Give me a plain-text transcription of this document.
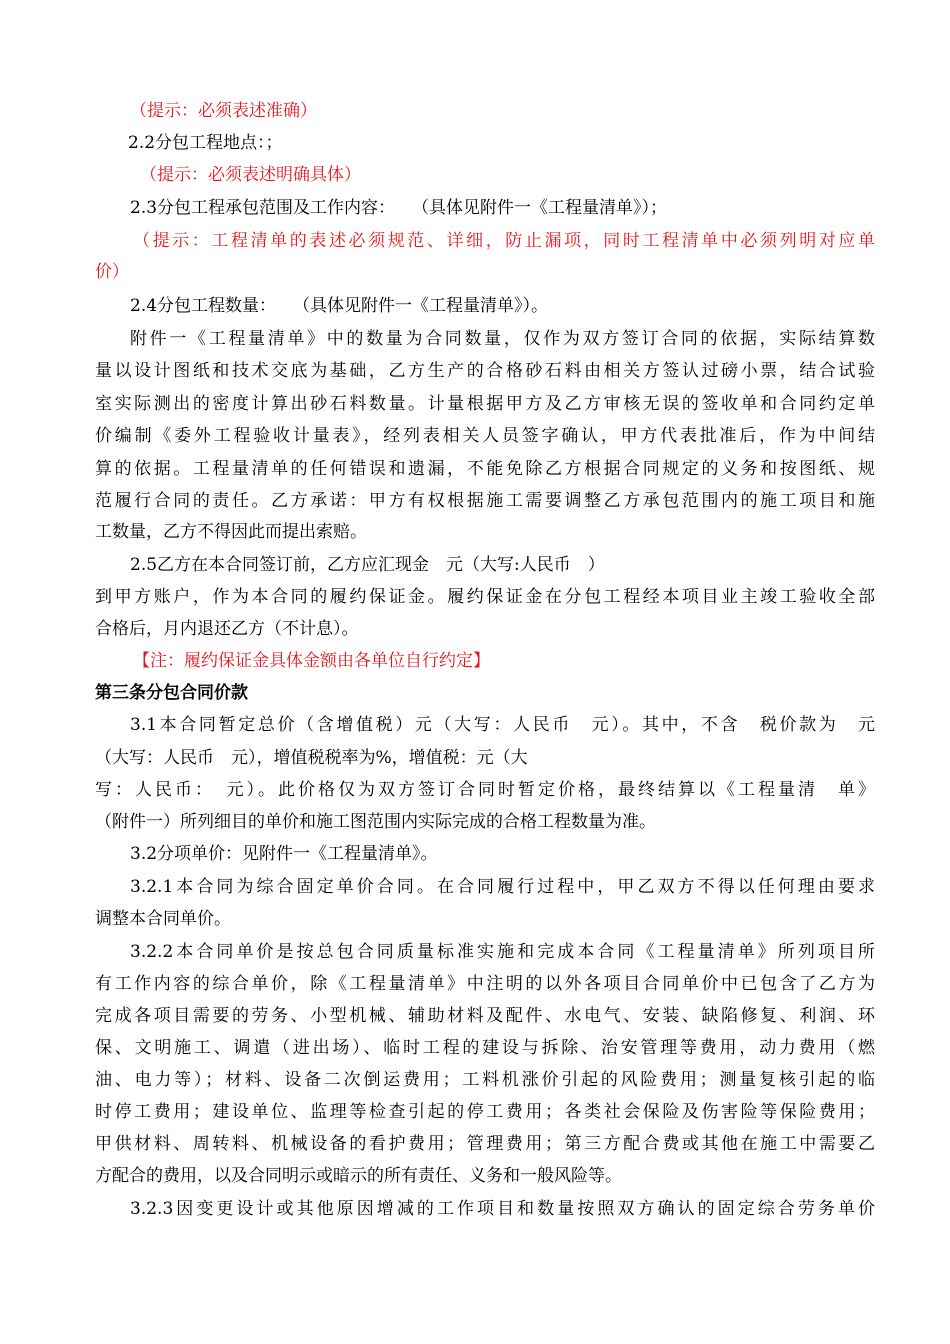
（提示：必须表述准确）
2.2分包工程地点：；
（提示：必须表述明确具体）
2.3分包工程承包范围及工作内容：　　（具体见附件一《工程量清单》）；
（提示：工程清单的表述必须规范、详细，防止漏项，同时工程清单中必须列明对应单
价）
2.4分包工程数量：　　（具体见附件一《工程量清单》）。
附件一《工程量清单》中的数量为合同数量，仅作为双方签订合同的依据，实际结算数
量以设计图纸和技术交底为基础，乙方生产的合格砂石料由相关方签认过磅小票，结合试验
室实际测出的密度计算出砂石料数量。计量根据甲方及乙方审核无误的签收单和合同约定单
价编制《委外工程验收计量表》，经列表相关人员签字确认，甲方代表批准后，作为中间结
算的依据。工程量清单的任何错误和遗漏，不能免除乙方根据合同规定的义务和按图纸、规
范履行合同的责任。乙方承诺：甲方有权根据施工需要调整乙方承包范围内的施工项目和施
工数量，乙方不得因此而提出索赔。
2.5乙方在本合同签订前，乙方应汇现金　元（大写:人民币　）
到甲方账户，作为本合同的履约保证金。履约保证金在分包工程经本项目业主竣工验收全部
合格后，月内退还乙方（不计息）。
【注：履约保证金具体金额由各单位自行约定】
第三条分包合同价款
3.1本合同暂定总价（含增值税）元（大写：人民币　元）。其中，不含　税价款为　元
（大写：人民币　元），增值税税率为%，增值税：元（大
写：人民币：　元）。此价格仅为双方签订合同时暂定价格，最终结算以《工程量清　单》
（附件一）所列细目的单价和施工图范围内实际完成的合格工程数量为准。
3.2分项单价：见附件一《工程量清单》。
3.2.1本合同为综合固定单价合同。在合同履行过程中，甲乙双方不得以任何理由要求
调整本合同单价。
3.2.2本合同单价是按总包合同质量标准实施和完成本合同《工程量清单》所列项目所
有工作内容的综合单价，除《工程量清单》中注明的以外各项目合同单价中已包含了乙方为
完成各项目需要的劳务、小型机械、辅助材料及配件、水电气、安装、缺陷修复、利润、环
保、文明施工、调遣（进出场）、临时工程的建设与拆除、治安管理等费用，动力费用（燃
油、电力等）；材料、设备二次倒运费用；工料机涨价引起的风险费用；测量复核引起的临
时停工费用；建设单位、监理等检查引起的停工费用；各类社会保险及伤害险等保险费用；
甲供材料、周转料、机械设备的看护费用；管理费用；第三方配合费或其他在施工中需要乙
方配合的费用，以及合同明示或暗示的所有责任、义务和一般风险等。
3.2.3因变更设计或其他原因增减的工作项目和数量按照双方确认的固定综合劳务单价
